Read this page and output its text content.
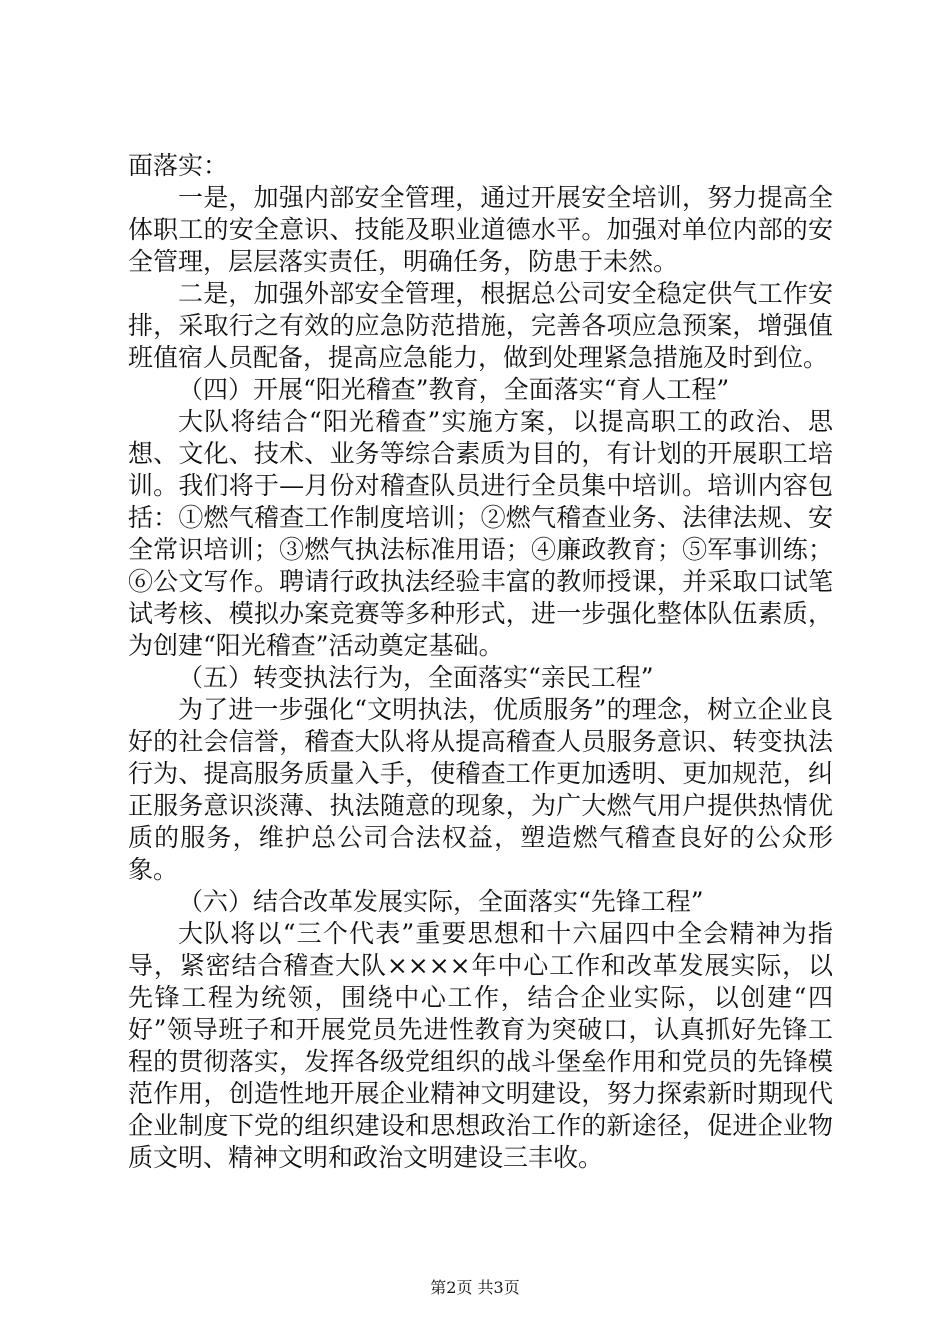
面落实：

一是，加强内部安全管理，通过开展安全培训，努力提高全体职工的安全意识、技能及职业道德水平。加强对单位内部的安全管理，层层落实责任，明确任务，防患于未然。

二是，加强外部安全管理，根据总公司安全稳定供气工作安排，采取行之有效的应急防范措施，完善各项应急预案，增强值班值宿人员配备，提高应急能力，做到处理紧急措施及时到位。

（四）开展“阳光稽查”教育，全面落实“育人工程”

大队将结合“阳光稽查”实施方案，以提高职工的政治、思想、文化、技术、业务等综合素质为目的，有计划的开展职工培训。我们将于—月份对稽查队员进行全员集中培训。培训内容包括：①燃气稽查工作制度培训；②燃气稽查业务、法律法规、安全常识培训；③燃气执法标准用语；④廉政教育；⑤军事训练；⑥公文写作。聘请行政执法经验丰富的教师授课，并采取口试笔试考核、模拟办案竞赛等多种形式，进一步强化整体队伍素质，为创建“阳光稽查”活动奠定基础。

（五）转变执法行为，全面落实“亲民工程”

为了进一步强化“文明执法，优质服务”的理念，树立企业良好的社会信誉，稽查大队将从提高稽查人员服务意识、转变执法行为、提高服务质量入手，使稽查工作更加透明、更加规范，纠正服务意识淡薄、执法随意的现象，为广大燃气用户提供热情优质的服务，维护总公司合法权益，塑造燃气稽查良好的公众形象。

（六）结合改革发展实际，全面落实“先锋工程”

大队将以“三个代表”重要思想和十六届四中全会精神为指导，紧密结合稽查大队××××年中心工作和改革发展实际，以先锋工程为统领，围绕中心工作，结合企业实际，以创建“四好”领导班子和开展党员先进性教育为突破口，认真抓好先锋工程的贯彻落实，发挥各级党组织的战斗堡垒作用和党员的先锋模范作用，创造性地开展企业精神文明建设，努力探索新时期现代企业制度下党的组织建设和思想政治工作的新途径，促进企业物质文明、精神文明和政治文明建设三丰收。

第2页 共3页
